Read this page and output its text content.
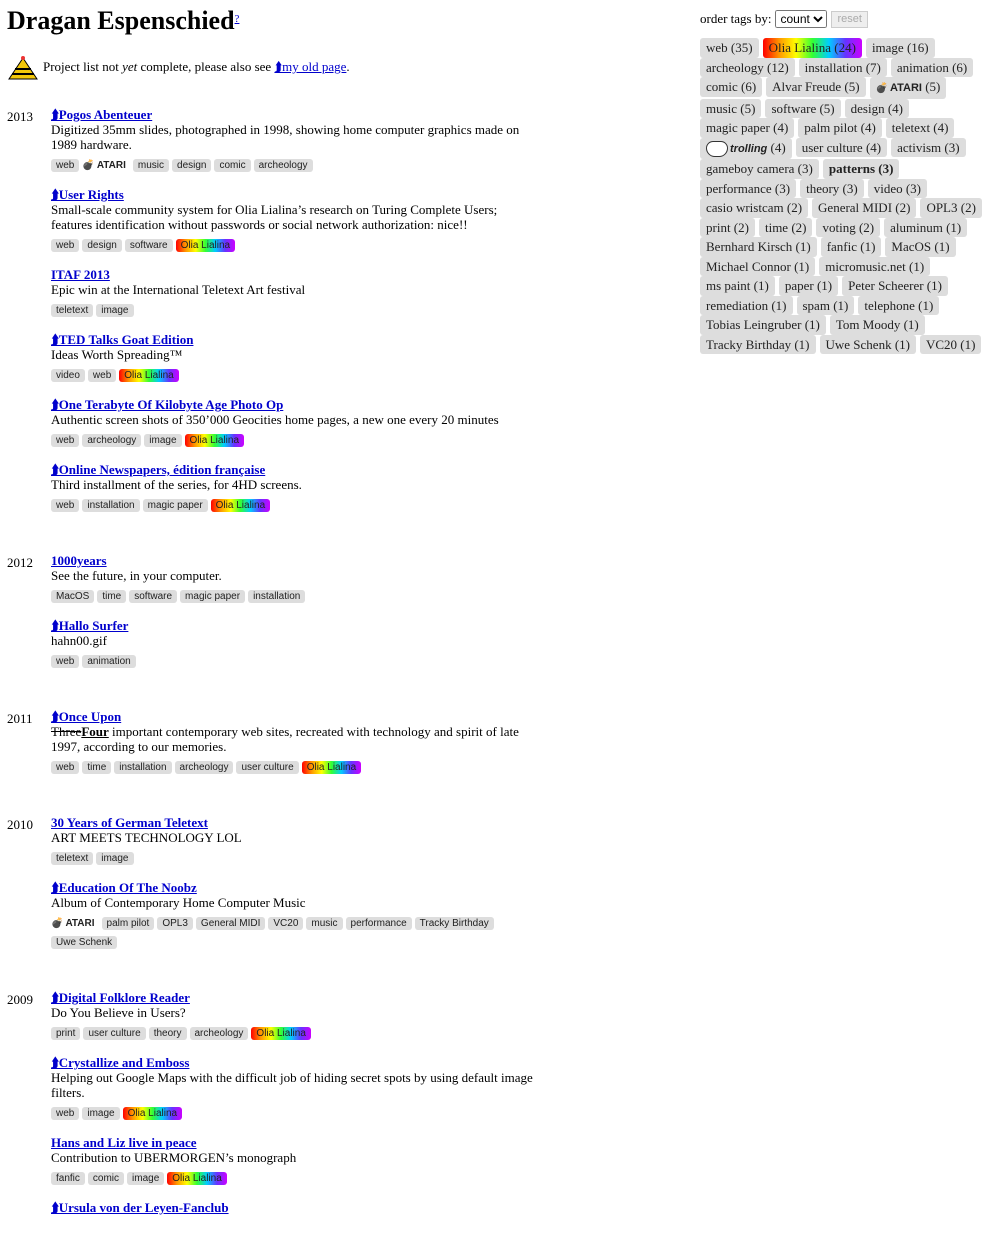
Dragan Espenschied?
Project list not yet complete, please also see ⮭my old page.
order tags by:
count	reset
web (35) Olia Lialina (24) image (16)archeology (12) installation (7) animation (6)comic (6) Alvar Freude (5) 💣 ATARI (5)music (5) software (5) design (4)magic paper (4) palm pilot (4) teletext (4)trolling (4) user culture (4) activism (3)gameboy camera (3) patterns (3)performance (3) theory (3) video (3)casio wristcam (2) General MIDI (2) OPL3 (2)print (2) time (2) voting (2) aluminum (1)Bernhard Kirsch (1) fanfic (1) MacOS (1)Michael Connor (1) micromusic.net (1)ms paint (1) paper (1) Peter Scheerer (1)remediation (1) spam (1) telephone (1)Tobias Leingruber (1) Tom Moody (1)Tracky Birthday (1) Uwe Schenk (1) VC20 (1)
2013	⮭Pogos Abenteuer
Digitized 35mm slides, photographed in 1998, showing home computer graphics made on 1989 hardware.
web 💣 ATARI music design comic archeology
⮭User Rights
Small-scale community system for Olia Lialina’s research on Turing Complete Users; features identification without passwords or social network authorization: nice!!
web design software Olia Lialina
ITAF 2013
Epic win at the International Teletext Art festival
teletext image
⮭TED Talks Goat Edition
Ideas Worth Spreading™
video web Olia Lialina
⮭One Terabyte Of Kilobyte Age Photo Op
Authentic screen shots of 350’000 Geocities home pages, a new one every 20 minutes
web archeology image Olia Lialina
⮭Online Newspapers, édition française
Third installment of the series, for 4HD screens.
web installation magic paper Olia Lialina
2012	1000years
See the future, in your computer.
MacOS time software magic paper installation
⮭Hallo Surfer
hahn00.gif
web animation
2011	⮭Once Upon
ThreeFour important contemporary web sites, recreated with technology and spirit of late 1997, according to our memories.
web time installation archeology user culture Olia Lialina
2010	30 Years of German Teletext
ART MEETS TECHNOLOGY LOL
teletext image
⮭Education Of The Noobz
Album of Contemporary Home Computer Music
💣 ATARI palm pilot OPL3 General MIDI VC20 music performance Tracky BirthdayUwe Schenk
2009	⮭Digital Folklore Reader
Do You Believe in Users?
print user culture theory archeology Olia Lialina
⮭Crystallize and Emboss
Helping out Google Maps with the difficult job of hiding secret spots by using default image filters.
web image Olia Lialina
Hans and Liz live in peace
Contribution to UBERMORGEN’s monograph
fanfic comic image Olia Lialina
⮭Ursula von der Leyen-Fanclub
